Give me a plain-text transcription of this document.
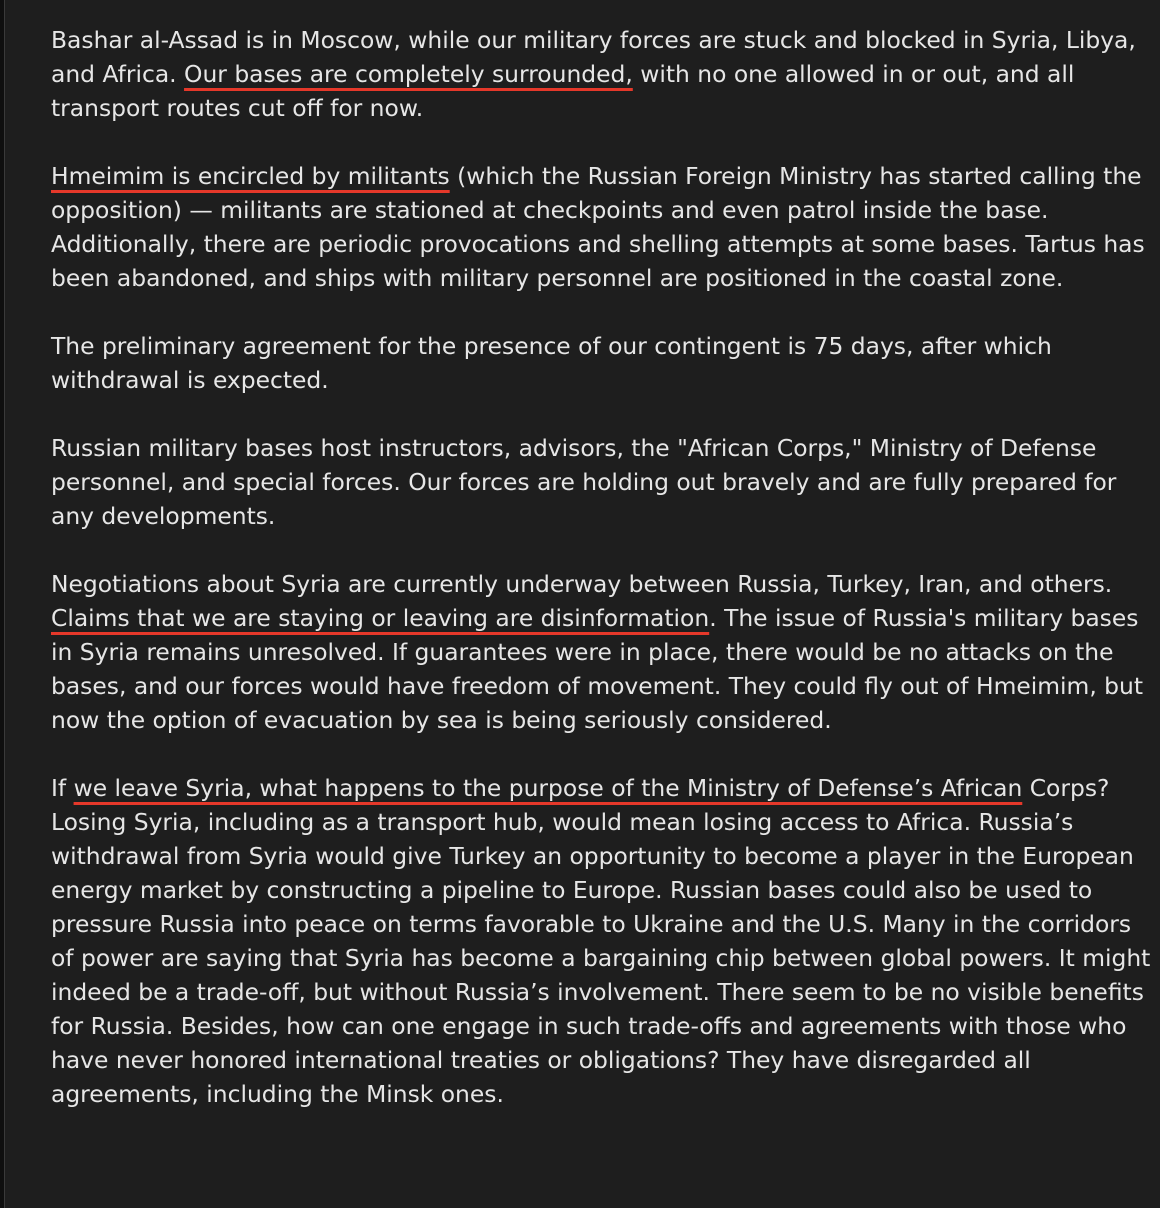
Bashar al-Assad is in Moscow, while our military forces are stuck and blocked in Syria, Libya, and Africa. Our bases are completely surrounded, with no one allowed in or out, and all transport routes cut off for now.

Hmeimim is encircled by militants (which the Russian Foreign Ministry has started calling the opposition) — militants are stationed at checkpoints and even patrol inside the base. Additionally, there are periodic provocations and shelling attempts at some bases. Tartus has been abandoned, and ships with military personnel are positioned in the coastal zone.

The preliminary agreement for the presence of our contingent is 75 days, after which withdrawal is expected.

Russian military bases host instructors, advisors, the "African Corps," Ministry of Defense personnel, and special forces. Our forces are holding out bravely and are fully prepared for any developments.

Negotiations about Syria are currently underway between Russia, Turkey, Iran, and others. Claims that we are staying or leaving are disinformation. The issue of Russia's military bases in Syria remains unresolved. If guarantees were in place, there would be no attacks on the bases, and our forces would have freedom of movement. They could fly out of Hmeimim, but now the option of evacuation by sea is being seriously considered.

If we leave Syria, what happens to the purpose of the Ministry of Defense’s African Corps? Losing Syria, including as a transport hub, would mean losing access to Africa. Russia’s withdrawal from Syria would give Turkey an opportunity to become a player in the European energy market by constructing a pipeline to Europe. Russian bases could also be used to pressure Russia into peace on terms favorable to Ukraine and the U.S. Many in the corridors of power are saying that Syria has become a bargaining chip between global powers. It might indeed be a trade-off, but without Russia’s involvement. There seem to be no visible benefits for Russia. Besides, how can one engage in such trade-offs and agreements with those who have never honored international treaties or obligations? They have disregarded all agreements, including the Minsk ones.
